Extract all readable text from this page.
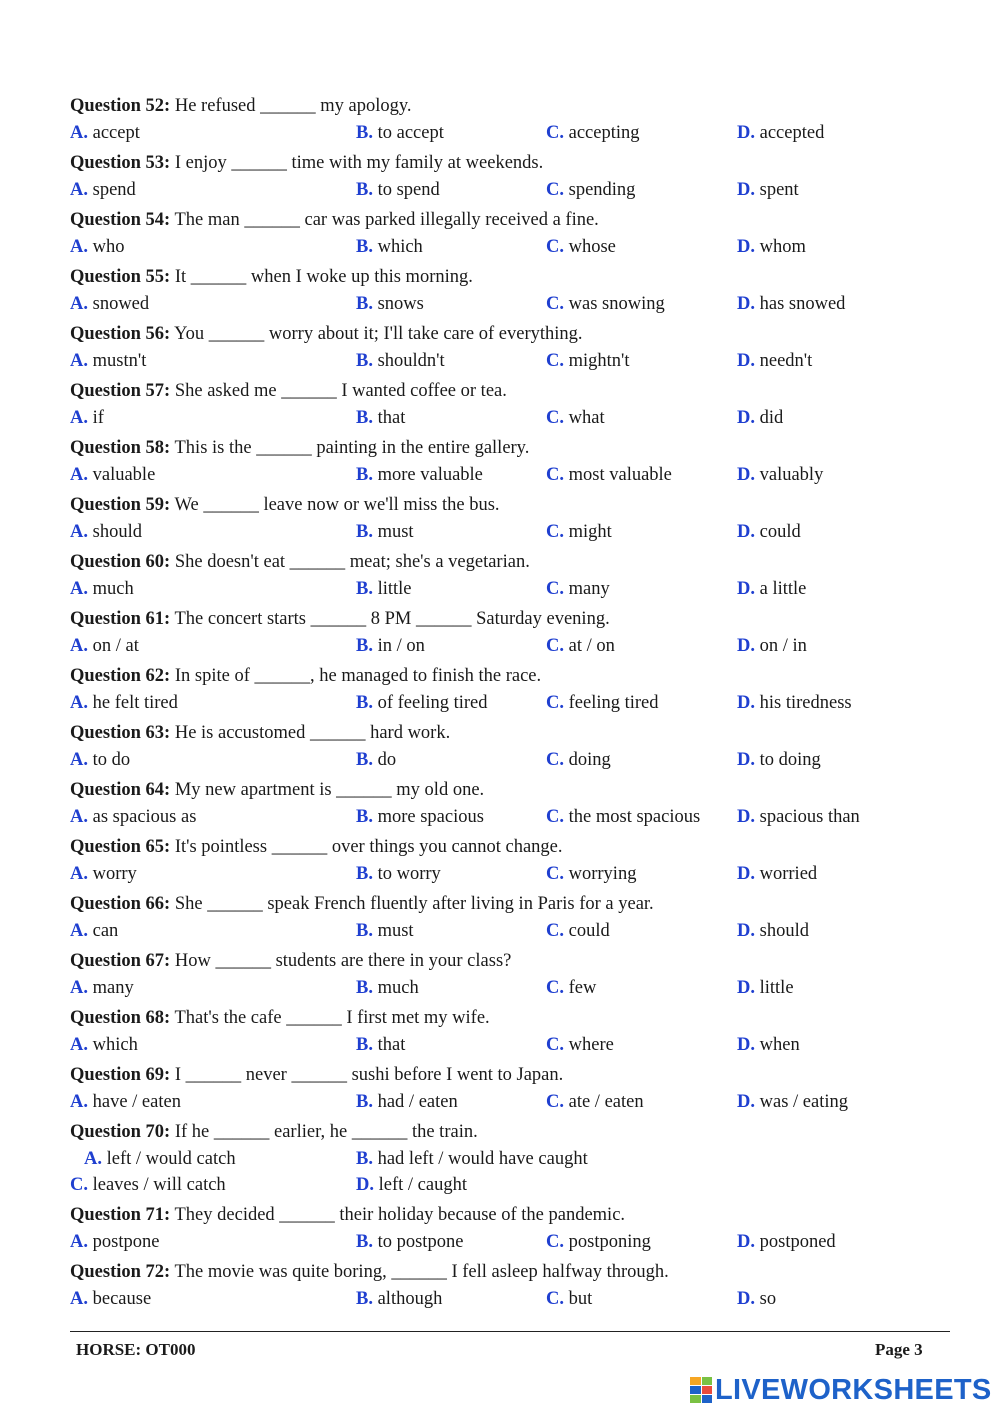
Question 52: He refused ______ my apology.
A. accept	B. to accept	C. accepting	D. accepted
Question 53: I enjoy ______ time with my family at weekends.
A. spend	B. to spend	C. spending	D. spent
Question 54: The man ______ car was parked illegally received a fine.
A. who	B. which	C. whose	D. whom
Question 55: It ______ when I woke up this morning.
A. snowed	B. snows	C. was snowing	D. has snowed
Question 56: You ______ worry about it; I'll take care of everything.
A. mustn't	B. shouldn't	C. mightn't	D. needn't
Question 57: She asked me ______ I wanted coffee or tea.
A. if	B. that	C. what	D. did
Question 58: This is the ______ painting in the entire gallery.
A. valuable	B. more valuable	C. most valuable	D. valuably
Question 59: We ______ leave now or we'll miss the bus.
A. should	B. must	C. might	D. could
Question 60: She doesn't eat ______ meat; she's a vegetarian.
A. much	B. little	C. many	D. a little
Question 61: The concert starts ______ 8 PM ______ Saturday evening.
A. on / at	B. in / on	C. at / on	D. on / in
Question 62: In spite of ______, he managed to finish the race.
A. he felt tired	B. of feeling tired	C. feeling tired	D. his tiredness
Question 63: He is accustomed ______ hard work.
A. to do	B. do	C. doing	D. to doing
Question 64: My new apartment is ______ my old one.
A. as spacious as	B. more spacious	C. the most spacious D. spacious than
Question 65: It's pointless ______ over things you cannot change.
A. worry	B. to worry	C. worrying	D. worried
Question 66: She ______ speak French fluently after living in Paris for a year.
A. can	B. must	C. could	D. should
Question 67: How ______ students are there in your class?
A. many	B. much	C. few	D. little
Question 68: That's the cafe ______ I first met my wife.
A. which	B. that	C. where	D. when
Question 69: I ______ never ______ sushi before I went to Japan.
A. have / eaten	B. had / eaten	C. ate / eaten	D. was / eating
Question 70: If he ______ earlier, he ______ the train.
A. left / would catch	B. had left / would have caught
C. leaves / will catch	D. left / caught
Question 71: They decided ______ their holiday because of the pandemic.
A. postpone	B. to postpone	C. postponing	D. postponed
Question 72: The movie was quite boring, ______ I fell asleep halfway through.
A. because	B. although	C. but	D. so
HORSE: OT000	Page 3
LIVEWORKSHEETS
